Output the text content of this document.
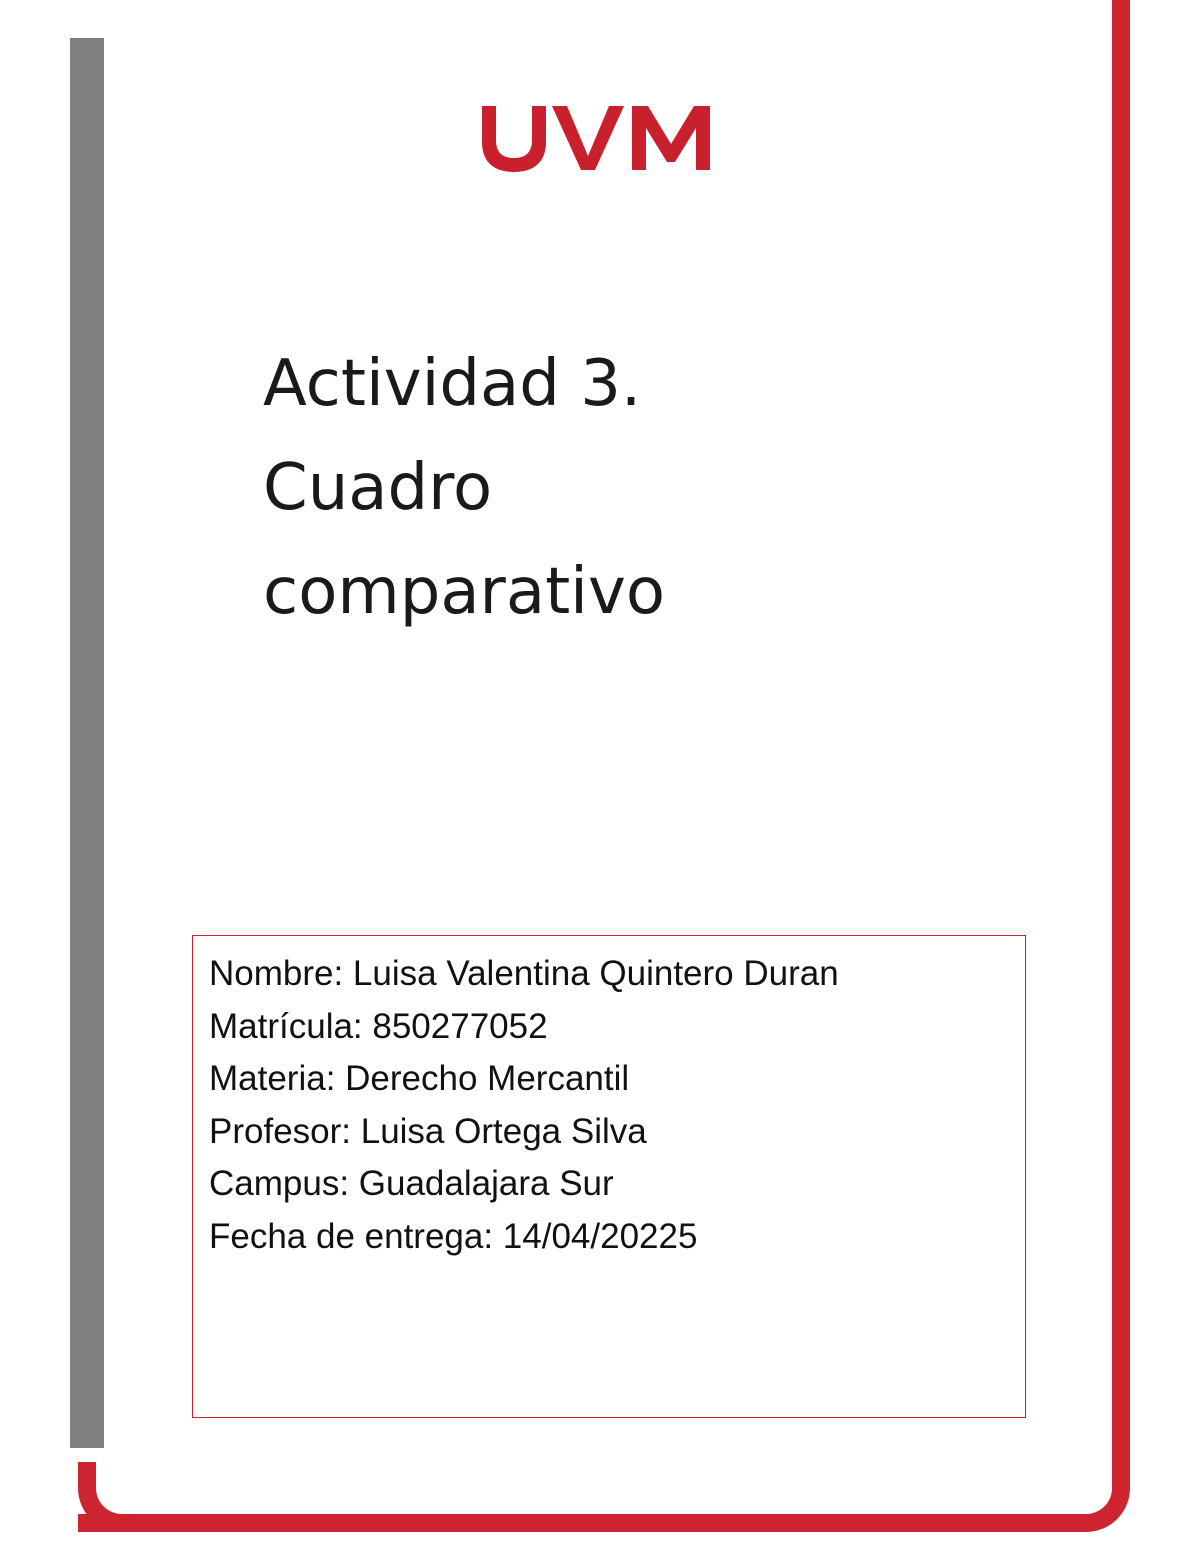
Actividad 3.
Cuadro
comparativo

Nombre: Luisa Valentina Quintero Duran

Matrícula: 850277052

Materia: Derecho Mercantil

Profesor: Luisa Ortega Silva

Campus: Guadalajara Sur

Fecha de entrega: 14/04/20225
